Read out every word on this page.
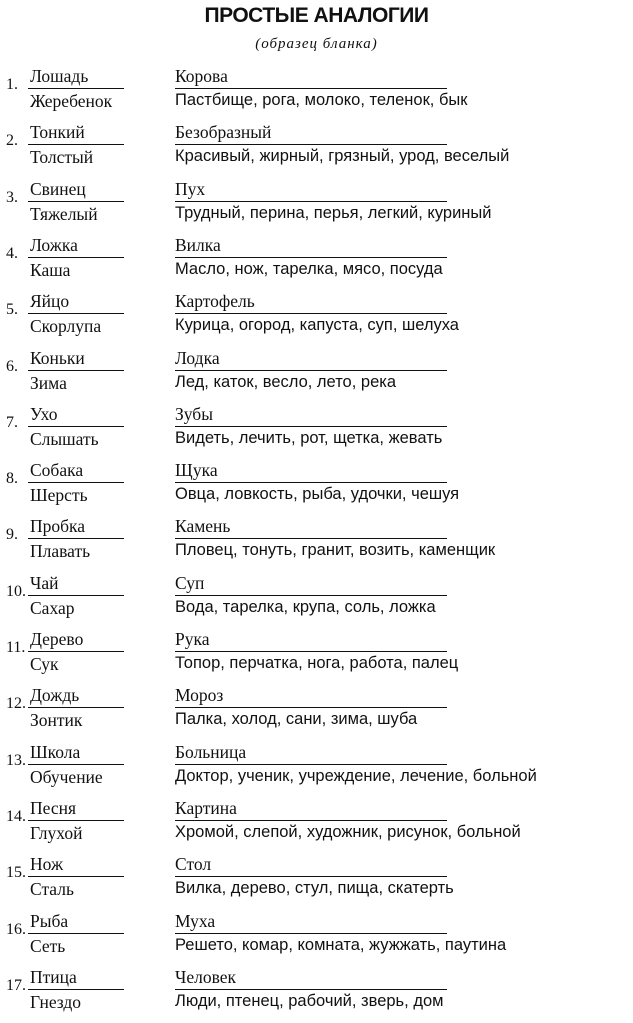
ПРОСТЫЕ АНАЛОГИИ
(образец бланка)
1. Лошадь
Жеребенок
Корова
Пастбище, рога, молоко, теленок, бык
2. Тонкий
Толстый
Безобразный
Красивый, жирный, грязный, урод, веселый
3. Свинец
Тяжелый
Пух
Трудный, перина, перья, легкий, куриный
4. Ложка
Каша
Вилка
Масло, нож, тарелка, мясо, посуда
5. Яйцо
Скорлупа
Картофель
Курица, огород, капуста, суп, шелуха
6. Коньки
Зима
Лодка
Лед, каток, весло, лето, река
7. Ухо
Слышать
Зубы
Видеть, лечить, рот, щетка, жевать
8. Собака
Шерсть
Щука
Овца, ловкость, рыба, удочки, чешуя
9. Пробка
Плавать
Камень
Пловец, тонуть, гранит, возить, каменщик
10. Чай
Сахар
Суп
Вода, тарелка, крупа, соль, ложка
11. Дерево
Сук
Рука
Топор, перчатка, нога, работа, палец
12. Дождь
Зонтик
Мороз
Палка, холод, сани, зима, шуба
13. Школа
Обучение
Больница
Доктор, ученик, учреждение, лечение, больной
14. Песня
Глухой
Картина
Хромой, слепой, художник, рисунок, больной
15. Нож
Сталь
Стол
Вилка, дерево, стул, пища, скатерть
16. Рыба
Сеть
Муха
Решето, комар, комната, жужжать, паутина
17. Птица
Гнездо
Человек
Люди, птенец, рабочий, зверь, дом
